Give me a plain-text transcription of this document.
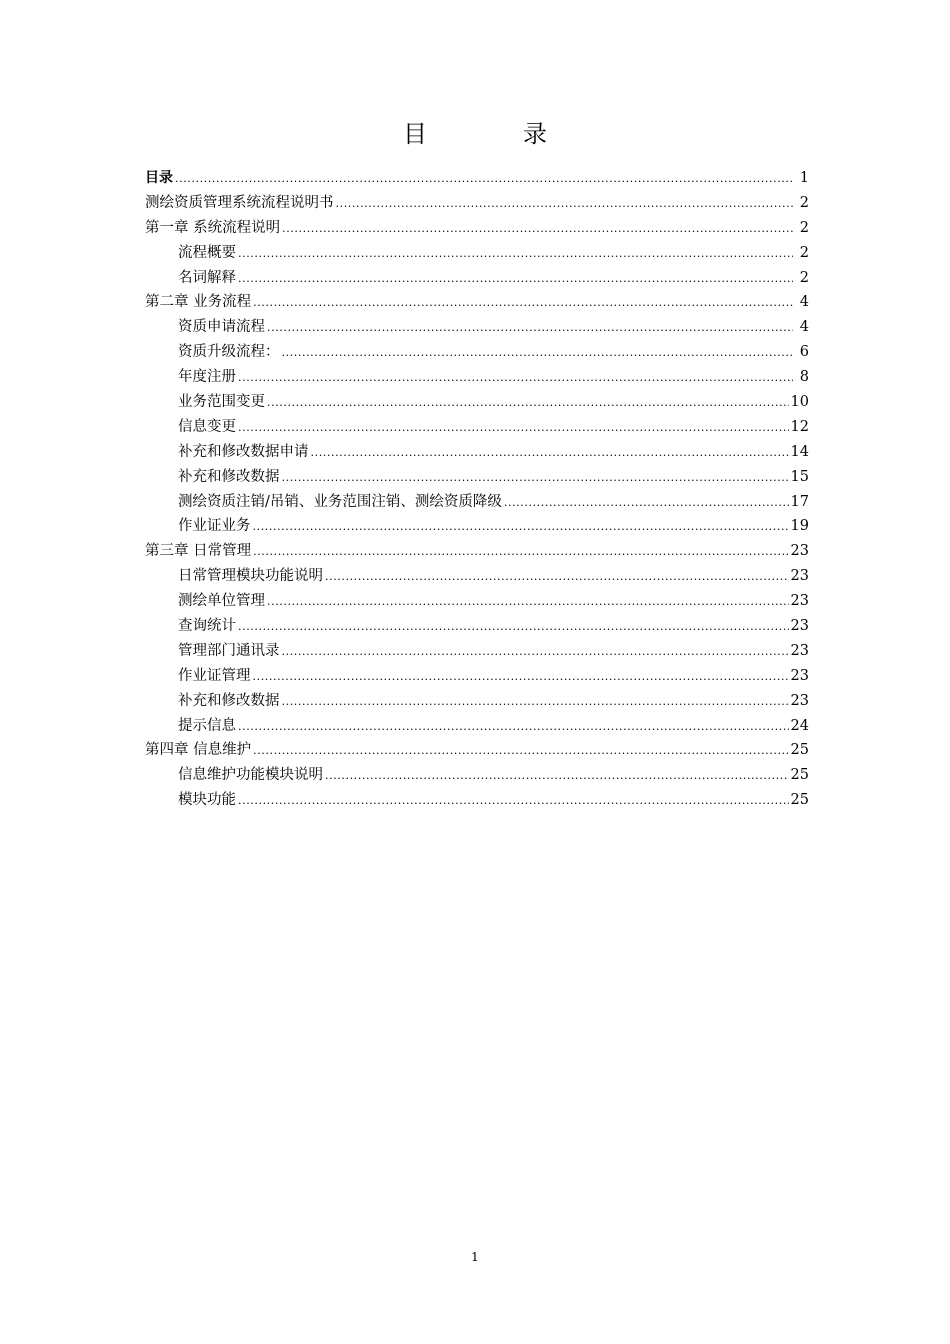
目　录
目录 .....	1
测绘资质管理系统流程说明书 .....	2
第一章 系统流程说明 .....	2
流程概要 .....	2
名词解释 .....	2
第二章 业务流程 .....	4
资质申请流程 .....	4
资质升级流程： .....	6
年度注册 .....	8
业务范围变更 .....	10
信息变更 .....	12
补充和修改数据申请 .....	14
补充和修改数据 .....	15
测绘资质注销/吊销、业务范围注销、测绘资质降级 .....	17
作业证业务 .....	19
第三章 日常管理 .....	23
日常管理模块功能说明 .....	23
测绘单位管理 .....	23
查询统计 .....	23
管理部门通讯录 .....	23
作业证管理 .....	23
补充和修改数据 .....	23
提示信息 .....	24
第四章 信息维护 .....	25
信息维护功能模块说明 .....	25
模块功能 .....	25
1
